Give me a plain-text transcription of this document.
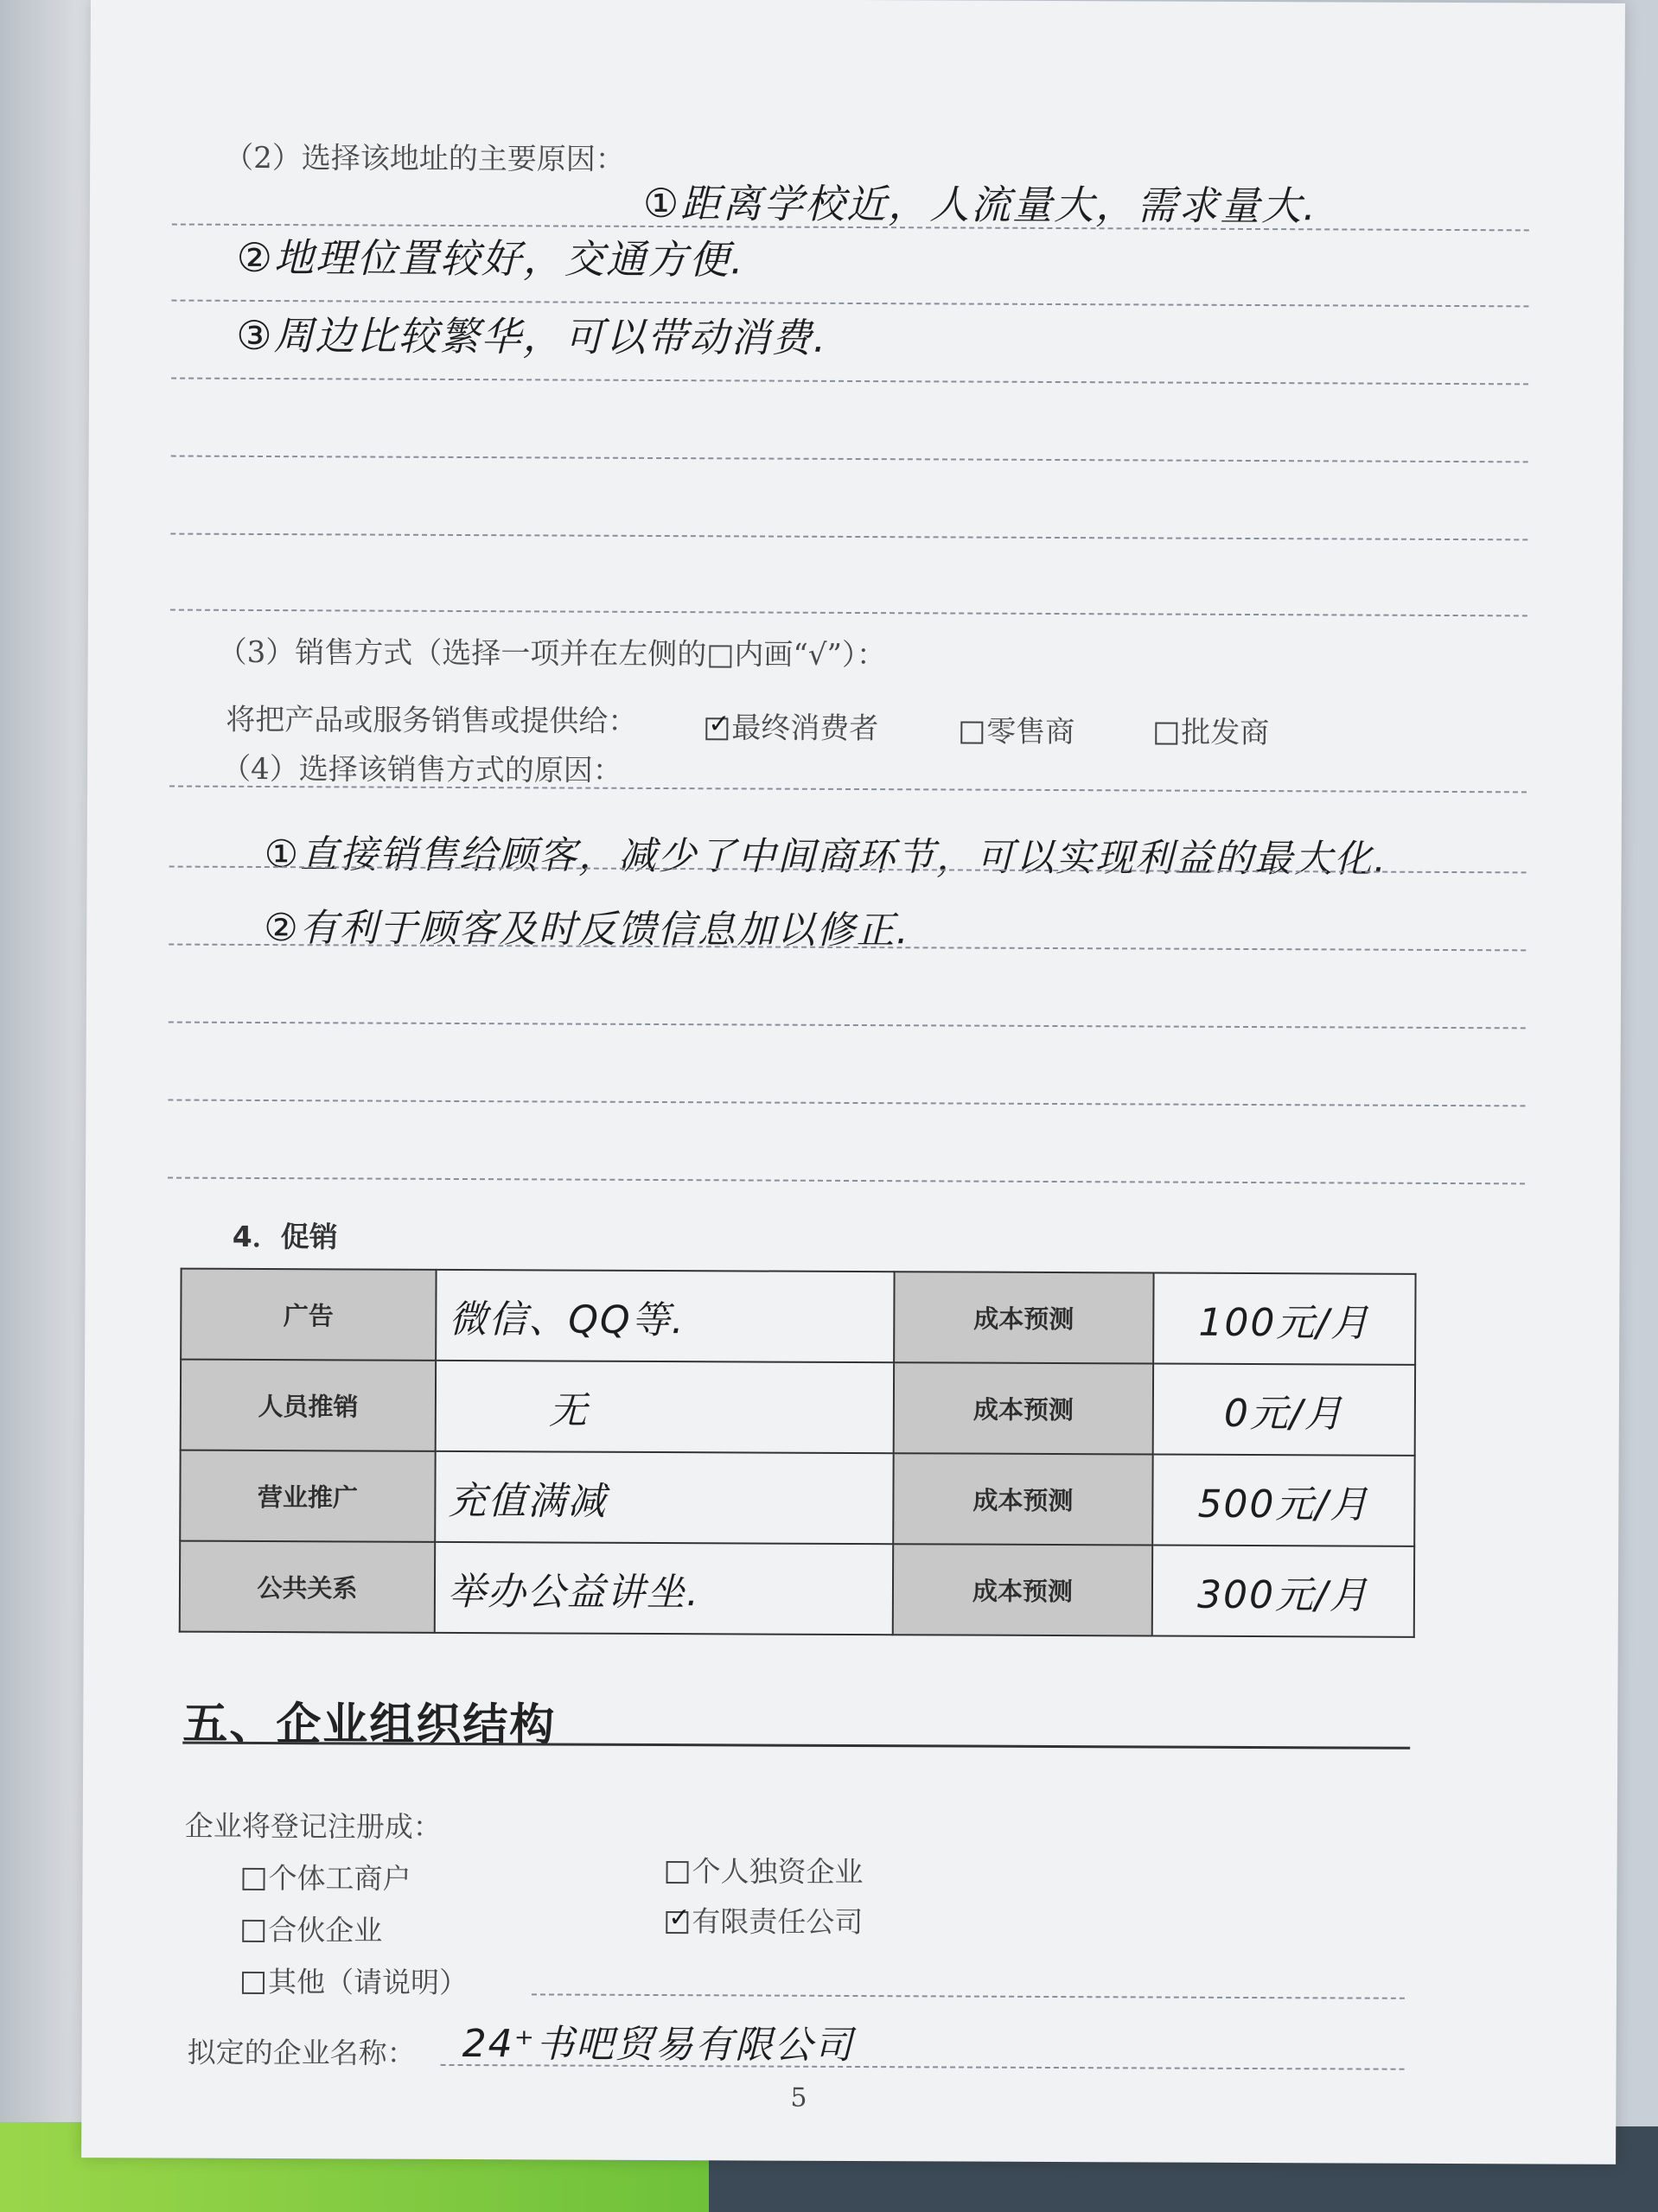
（2）选择该地址的主要原因：
①距离学校近，人流量大，需求量大.
②地理位置较好，交通方便.
③周边比较繁华，可以带动消费.
（3）销售方式（选择一项并在左侧的□内画“√”）：
将把产品或服务销售或提供给： ✓	最终消费者	零售商	批发商
（4）选择该销售方式的原因：
①直接销售给顾客，减少了中间商环节，可以实现利益的最大化.
②有利于顾客及时反馈信息加以修正.
4．促销
广告	微信、QQ等.	成本预测	100元/月
人员推销	无	成本预测	0元/月
营业推广	充值满减	成本预测	500元/月
公共关系	举办公益讲坐.	成本预测	300元/月
五、企业组织结构
企业将登记注册成：
个体工商户	个人独资企业
合伙企业 ✓	有限责任公司
其他（请说明）
拟定的企业名称： 24⁺书吧贸易有限公司
5
